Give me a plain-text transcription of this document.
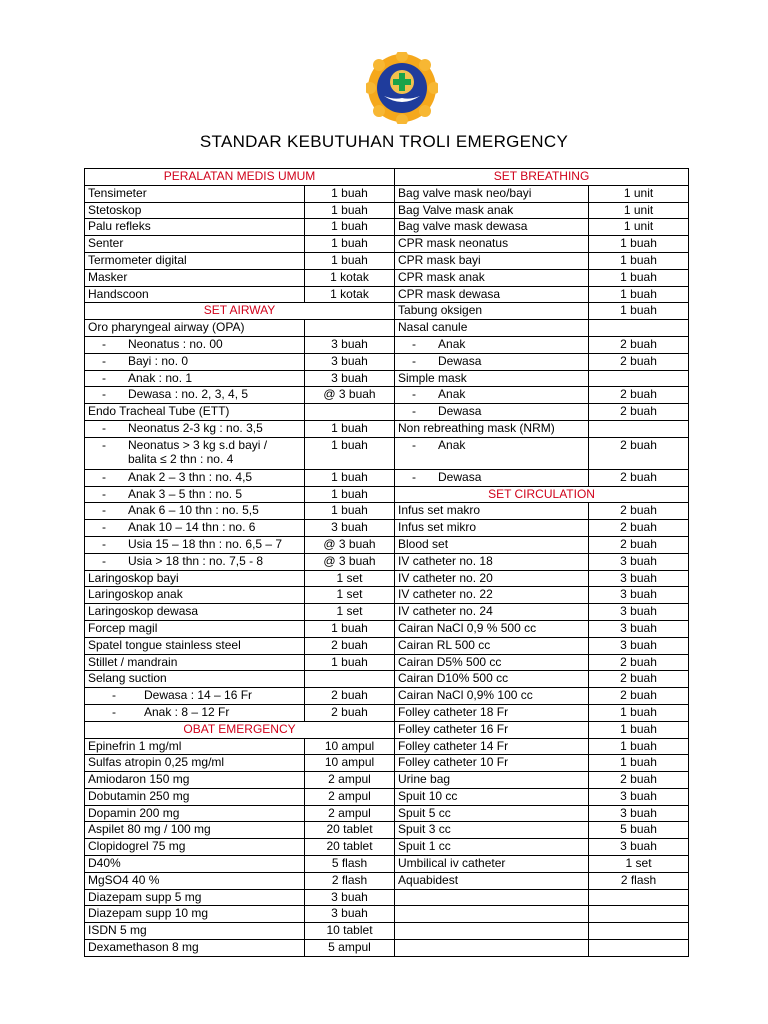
STANDAR KEBUTUHAN TROLI EMERGENCY
PERALATAN MEDIS UMUM		SET BREATHING	
Tensimeter	1 buah	Bag valve mask neo/bayi	1 unit
Stetoskop	1 buah	Bag Valve mask anak	1 unit
Palu refleks	1 buah	Bag valve mask dewasa	1 unit
Senter	1 buah	CPR mask neonatus	1 buah
Termometer digital	1 buah	CPR mask bayi	1 buah
Masker	1 kotak	CPR mask anak	1 buah
Handscoon	1 kotak	CPR mask dewasa	1 buah
SET AIRWAY		Tabung oksigen	1 buah
Oro pharyngeal airway (OPA)		Nasal canule	
- Neonatus : no. 00	3 buah	- Anak	2 buah
- Bayi : no. 0	3 buah	- Dewasa	2 buah
- Anak : no. 1	3 buah	Simple mask	
- Dewasa : no. 2, 3, 4, 5	@ 3 buah	- Anak	2 buah
Endo Tracheal Tube (ETT)		- Dewasa	2 buah
- Neonatus 2-3 kg : no. 3,5	1 buah	Non rebreathing mask (NRM)	
- Neonatus > 3 kg s.d bayi /
balita ≤ 2 thn : no. 4	1 buah	- Anak	2 buah
- Anak 2 – 3 thn : no. 4,5	1 buah	- Dewasa	2 buah
- Anak 3 – 5 thn : no. 5	1 buah	SET CIRCULATION	
- Anak 6 – 10 thn : no. 5,5	1 buah	Infus set makro	2 buah
- Anak 10 – 14 thn : no. 6	3 buah	Infus set mikro	2 buah
- Usia 15 – 18 thn : no. 6,5 – 7	@ 3 buah	Blood set	2 buah
- Usia > 18 thn : no. 7,5 - 8	@ 3 buah	IV catheter no. 18	3 buah
Laringoskop bayi	1 set	IV catheter no. 20	3 buah
Laringoskop anak	1 set	IV catheter no. 22	3 buah
Laringoskop dewasa	1 set	IV catheter no. 24	3 buah
Forcep magil	1 buah	Cairan NaCl 0,9 % 500 cc	3 buah
Spatel tongue stainless steel	2 buah	Cairan RL 500 cc	3 buah
Stillet / mandrain	1 buah	Cairan D5% 500 cc	2 buah
Selang suction		Cairan D10% 500 cc	2 buah
- Dewasa : 14 – 16 Fr	2 buah	Cairan NaCl 0,9% 100 cc	2 buah
- Anak : 8 – 12 Fr	2 buah	Folley catheter 18 Fr	1 buah
OBAT EMERGENCY		Folley catheter 16 Fr	1 buah
Epinefrin 1 mg/ml	10 ampul	Folley catheter 14 Fr	1 buah
Sulfas atropin 0,25 mg/ml	10 ampul	Folley catheter 10 Fr	1 buah
Amiodaron 150 mg	2 ampul	Urine bag	2 buah
Dobutamin 250 mg	2 ampul	Spuit 10 cc	3 buah
Dopamin 200 mg	2 ampul	Spuit 5 cc	3 buah
Aspilet 80 mg / 100 mg	20 tablet	Spuit 3 cc	5 buah
Clopidogrel 75 mg	20 tablet	Spuit 1 cc	3 buah
D40%	5 flash	Umbilical iv catheter	1 set
MgSO4 40 %	2 flash	Aquabidest	2 flash
Diazepam supp 5 mg	3 buah		
Diazepam supp 10 mg	3 buah		
ISDN 5 mg	10 tablet		
Dexamethason 8 mg	5 ampul		
